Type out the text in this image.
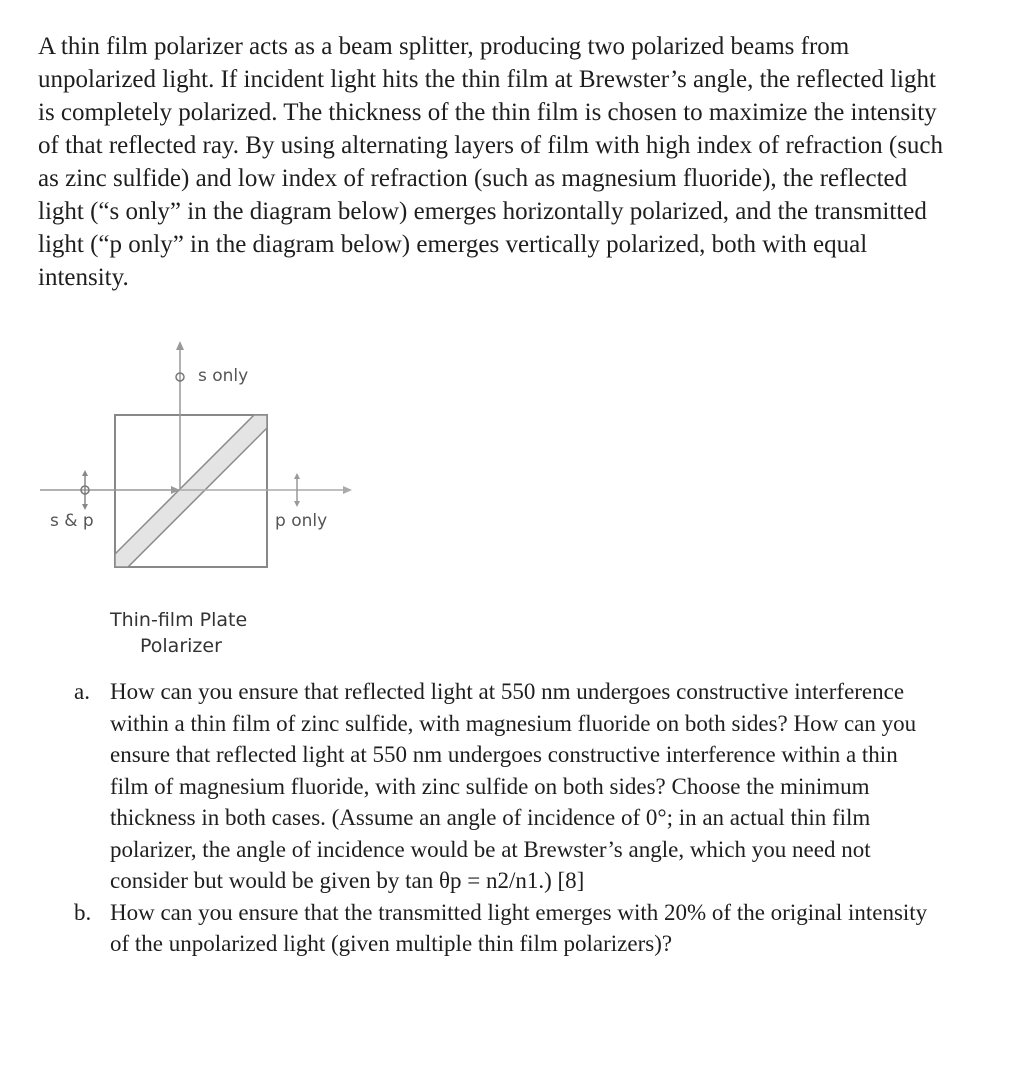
A thin film polarizer acts as a beam splitter, producing two polarized beams from unpolarized light. If incident light hits the thin film at Brewster’s angle, the reflected light is completely polarized. The thickness of the thin film is chosen to maximize the intensity of that reflected ray. By using alternating layers of film with high index of refraction (such as zinc sulfide) and low index of refraction (such as magnesium fluoride), the reflected light (“s only” in the diagram below) emerges horizontally polarized, and the transmitted light (“p only” in the diagram below) emerges vertically polarized, both with equal intensity.

s only
s & p	p only
Thin-film Plate
Polarizer
a. How can you ensure that reflected light at 550 nm undergoes constructive interference within a thin film of zinc sulfide, with magnesium fluoride on both sides? How can you ensure that reflected light at 550 nm undergoes constructive interference within a thin film of magnesium fluoride, with zinc sulfide on both sides? Choose the minimum thickness in both cases. (Assume an angle of incidence of 0°; in an actual thin film polarizer, the angle of incidence would be at Brewster’s angle, which you need not consider but would be given by tan θp = n2/n1.) [8]
b. How can you ensure that the transmitted light emerges with 20% of the original intensity of the unpolarized light (given multiple thin film polarizers)?
